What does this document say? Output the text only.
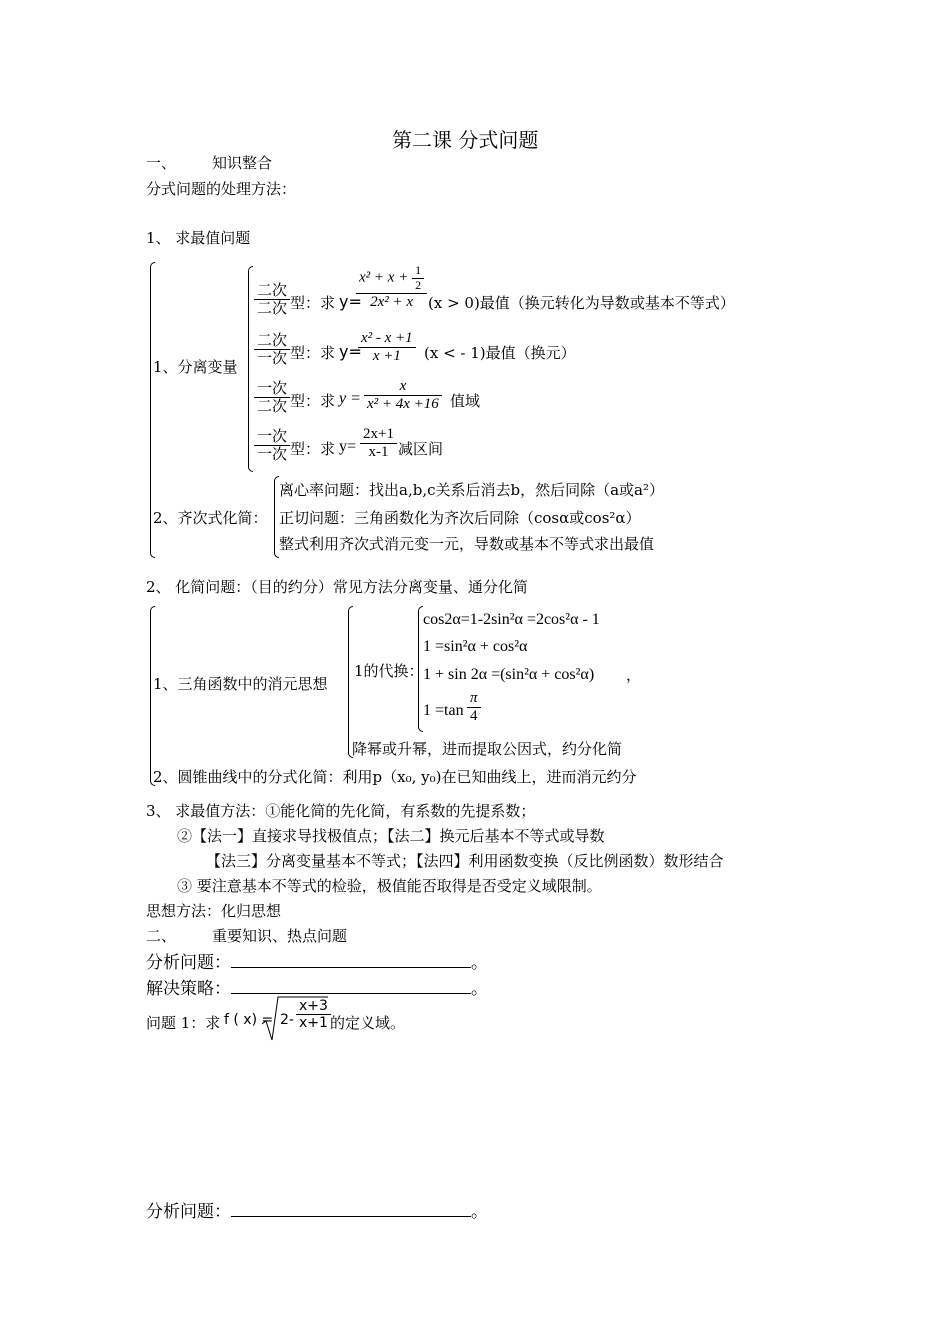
第二课 分式问题
一、 知识整合
分式问题的处理方法：
1、 求最值问题
1、分离变量
$\frac{\text{二次}}{\text{二次}}$ 型：求 y=
$\frac{x^2 + x + \frac{1}{2}}{\text{2x² + x}} (x > 0)$最值（换元转化为导数或基本不等式）
$\frac{\text{二次}}{\text{一次}}$ 型：求 y=
$\frac{\text{x² - x +1}}{x +1} (x$ < - 1)最值（换元）
$\frac{\text{一次}}{\text{二次}}$ 型：求 $y = \frac{x}{\text{x² + 4x +16}}$ 值域
$\frac{\text{一次}}{\text{一次}}$ 型：求 $y= \frac{2x+1}{x-1}$ 减区间
2、齐次式化简：
离心率问题：找出a,b,c关系后消去b，然后同除（a或a²）
正切问题：三角函数化为齐次后同除（cosα或cos²α）
整式利用齐次式消元变一元，导数或基本不等式求出最值
2、 化简问题：（目的约分）常见方法分离变量、通分化简
1、三角函数中的消元思想
1的代换：
cos2α=1-2sin²α =2cos²α - 1
1 =sin²α + cos²α
1 + sin 2α =(sin²α + cos²α) ，
$1 =\tan \frac{\pi}{4}$
降幂或升幂，进而提取公因式，约分化简
2、圆锥曲线中的分式化简：利用p（x₀, y₀)在已知曲线上，进而消元约分
3、 求最值方法：①能化简的先化简，有系数的先提系数；
②【法一】直接求导找极值点；【法二】换元后基本不等式或导数
【法三】分离变量基本不等式；【法四】利用函数变换（反比例函数）数形结合
③ 要注意基本不等式的检验，极值能否取得是否受定义域限制。
思想方法：化归思想
二、 重要知识、热点问题
分析问题：	。
解决策略：	。
问题 1：求 f ( $x) = 2- \frac{x+3}{x+1}$ 的定义域。
分析问题：	。
